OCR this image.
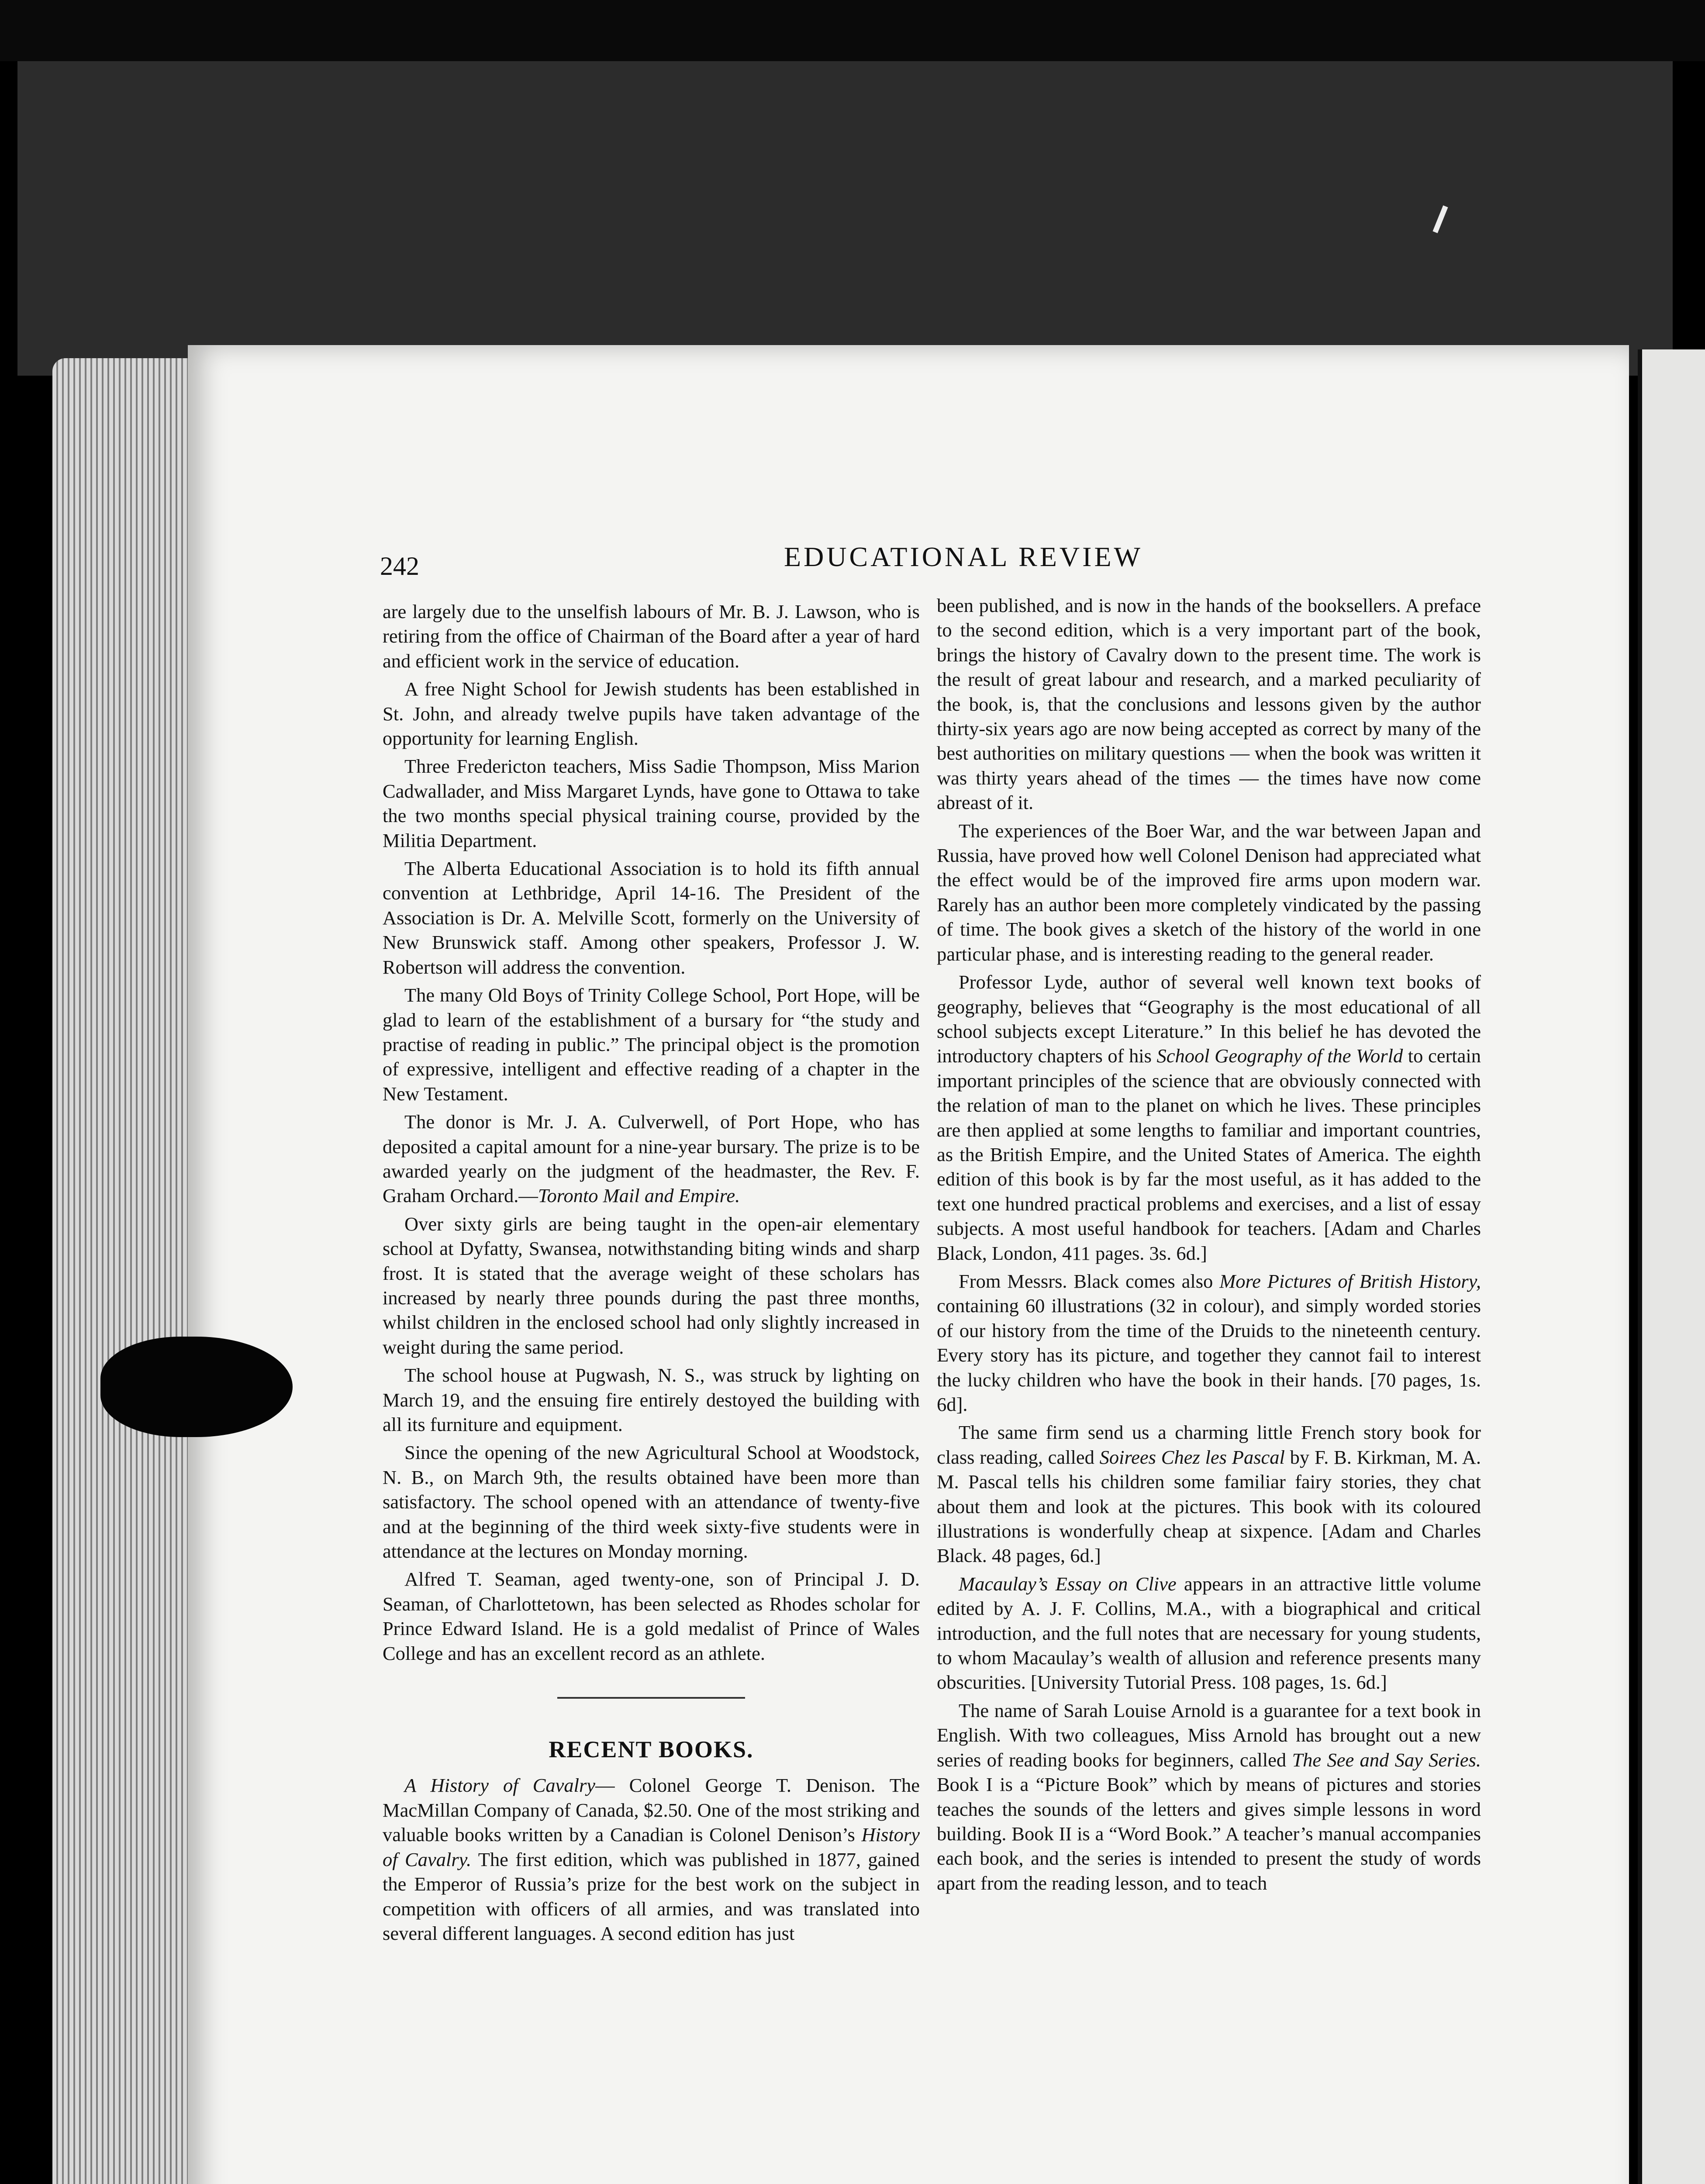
242	EDUCATIONAL REVIEW

are largely due to the unselfish labours of Mr. B. J. Lawson, who is retiring from the office of Chairman of the Board after a year of hard and efficient work in the service of education.

A free Night School for Jewish students has been established in St. John, and already twelve pupils have taken advantage of the opportunity for learning English.

Three Fredericton teachers, Miss Sadie Thompson, Miss Marion Cadwallader, and Miss Margaret Lynds, have gone to Ottawa to take the two months special physical training course, provided by the Militia Department.

The Alberta Educational Association is to hold its fifth annual convention at Lethbridge, April 14-16. The President of the Association is Dr. A. Melville Scott, formerly on the University of New Brunswick staff. Among other speakers, Professor J. W. Robertson will address the convention.

The many Old Boys of Trinity College School, Port Hope, will be glad to learn of the establishment of a bursary for “the study and practise of reading in public.” The principal object is the promotion of expressive, intelligent and effective reading of a chapter in the New Testament.

The donor is Mr. J. A. Culverwell, of Port Hope, who has deposited a capital amount for a nine-year bursary. The prize is to be awarded yearly on the judgment of the headmaster, the Rev. F. Graham Orchard.—Toronto Mail and Empire.

Over sixty girls are being taught in the open-air elementary school at Dyfatty, Swansea, notwithstanding biting winds and sharp frost. It is stated that the average weight of these scholars has increased by nearly three pounds during the past three months, whilst children in the enclosed school had only slightly increased in weight during the same period.

The school house at Pugwash, N. S., was struck by lighting on March 19, and the ensuing fire entirely destoyed the building with all its furniture and equipment.

Since the opening of the new Agricultural School at Woodstock, N. B., on March 9th, the results obtained have been more than satisfactory. The school opened with an attendance of twenty-five and at the beginning of the third week sixty-five students were in attendance at the lectures on Monday morning.

Alfred T. Seaman, aged twenty-one, son of Principal J. D. Seaman, of Charlottetown, has been selected as Rhodes scholar for Prince Edward Island. He is a gold medalist of Prince of Wales College and has an excellent record as an athlete.

RECENT BOOKS.

A History of Cavalry— Colonel George T. Denison. The MacMillan Company of Canada, $2.50. One of the most striking and valuable books written by a Canadian is Colonel Denison’s History of Cavalry. The first edition, which was published in 1877, gained the Emperor of Russia’s prize for the best work on the subject in competition with officers of all armies, and was translated into several different languages. A second edition has just

been published, and is now in the hands of the booksellers. A preface to the second edition, which is a very important part of the book, brings the history of Cavalry down to the present time. The work is the result of great labour and research, and a marked peculiarity of the book, is, that the conclusions and lessons given by the author thirty-six years ago are now being accepted as correct by many of the best authorities on military questions — when the book was written it was thirty years ahead of the times — the times have now come abreast of it.

The experiences of the Boer War, and the war between Japan and Russia, have proved how well Colonel Denison had appreciated what the effect would be of the improved fire arms upon modern war. Rarely has an author been more completely vindicated by the passing of time. The book gives a sketch of the history of the world in one particular phase, and is interesting reading to the general reader.

Professor Lyde, author of several well known text books of geography, believes that “Geography is the most educational of all school subjects except Literature.” In this belief he has devoted the introductory chapters of his School Geography of the World to certain important principles of the science that are obviously connected with the relation of man to the planet on which he lives. These principles are then applied at some lengths to familiar and important countries, as the British Empire, and the United States of America. The eighth edition of this book is by far the most useful, as it has added to the text one hundred practical problems and exercises, and a list of essay subjects. A most useful handbook for teachers. [Adam and Charles Black, London, 411 pages. 3s. 6d.]

From Messrs. Black comes also More Pictures of British History, containing 60 illustrations (32 in colour), and simply worded stories of our history from the time of the Druids to the nineteenth century. Every story has its picture, and together they cannot fail to interest the lucky children who have the book in their hands. [70 pages, 1s. 6d].

The same firm send us a charming little French story book for class reading, called Soirees Chez les Pascal by F. B. Kirkman, M. A. M. Pascal tells his children some familiar fairy stories, they chat about them and look at the pictures. This book with its coloured illustrations is wonderfully cheap at sixpence. [Adam and Charles Black. 48 pages, 6d.]

Macaulay’s Essay on Clive appears in an attractive little volume edited by A. J. F. Collins, M.A., with a biographical and critical introduction, and the full notes that are necessary for young students, to whom Macaulay’s wealth of allusion and reference presents many obscurities. [University Tutorial Press. 108 pages, 1s. 6d.]

The name of Sarah Louise Arnold is a guarantee for a text book in English. With two colleagues, Miss Arnold has brought out a new series of reading books for beginners, called The See and Say Series. Book I is a “Picture Book” which by means of pictures and stories teaches the sounds of the letters and gives simple lessons in word building. Book II is a “Word Book.” A teacher’s manual accompanies each book, and the series is intended to present the study of words apart from the reading lesson, and to teach
